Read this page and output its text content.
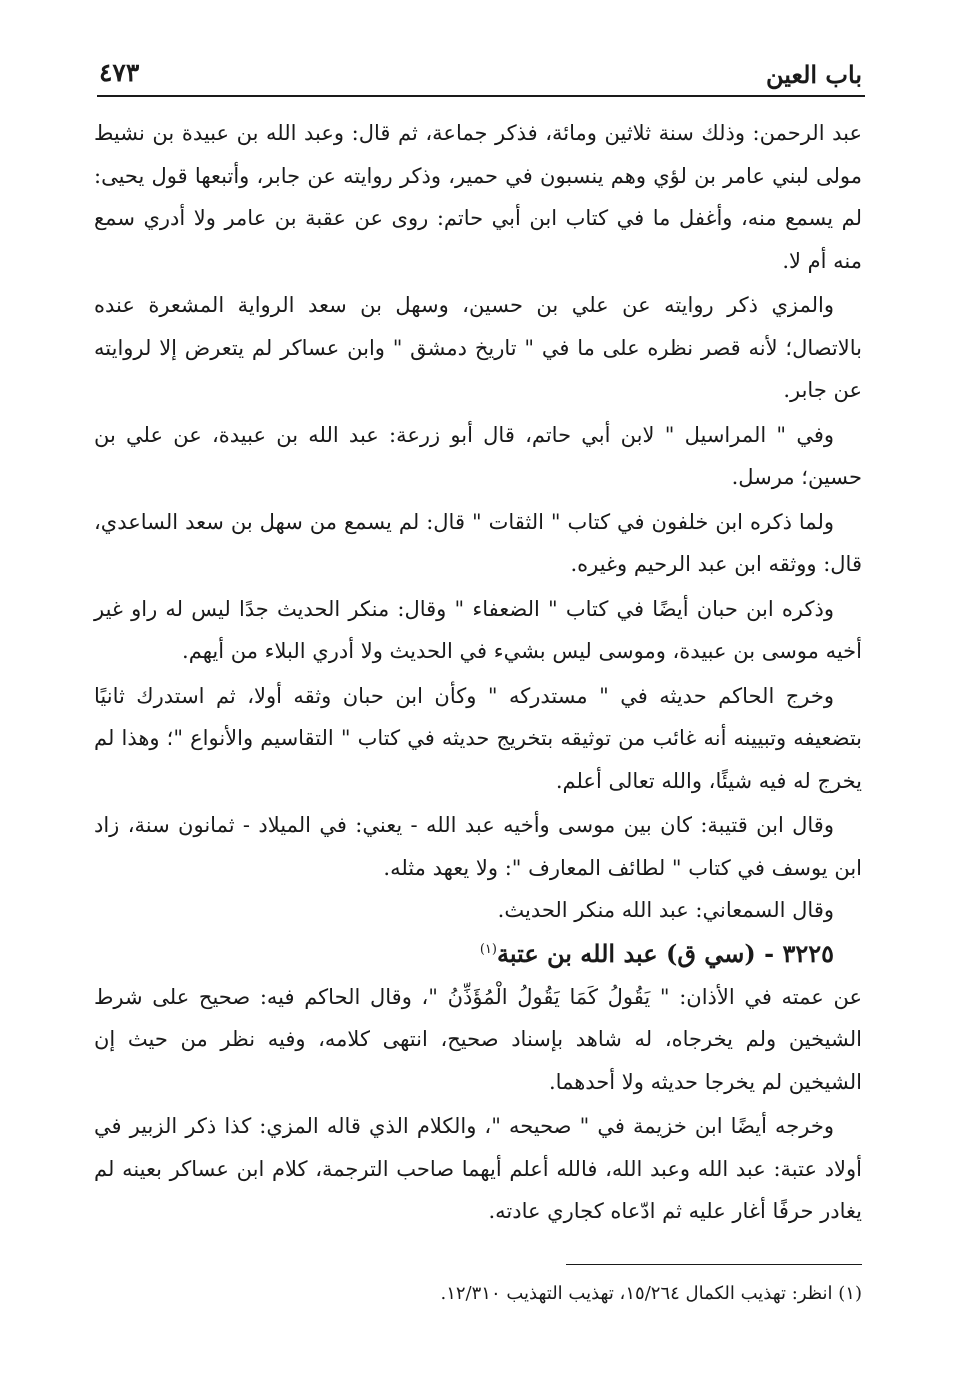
باب العين
٤٧٣

عبد الرحمن: وذلك سنة ثلاثين ومائة، فذكر جماعة، ثم قال: وعبد الله بن عبيدة بن نشيط مولى لبني عامر بن لؤي وهم ينسبون في حمير، وذكر روايته عن جابر، وأتبعها قول يحيى: لم يسمع منه، وأغفل ما في كتاب ابن أبي حاتم: روى عن عقبة بن عامر ولا أدري سمع منه أم لا.

والمزي ذكر روايته عن علي بن حسين، وسهل بن سعد الرواية المشعرة عنده بالاتصال؛ لأنه قصر نظره على ما في " تاريخ دمشق " وابن عساكر لم يتعرض إلا لروايته عن جابر.

وفي " المراسيل " لابن أبي حاتم، قال أبو زرعة: عبد الله بن عبيدة، عن علي بن حسين؛ مرسل.

ولما ذكره ابن خلفون في كتاب " الثقات " قال: لم يسمع من سهل بن سعد الساعدي، قال: ووثقه ابن عبد الرحيم وغيره.

وذكره ابن حبان أيضًا في كتاب " الضعفاء " وقال: منكر الحديث جدًا ليس له راو غير أخيه موسى بن عبيدة، وموسى ليس بشيء في الحديث ولا أدري البلاء من أيهم.

وخرج الحاكم حديثه في " مستدركه " وكأن ابن حبان وثقه أولا، ثم استدرك ثانيًا بتضعيفه وتبيينه أنه غائب من توثيقه بتخريج حديثه في كتاب " التقاسيم والأنواع "؛ وهذا لم يخرج له فيه شيئًا، والله تعالى أعلم.

وقال ابن قتيبة: كان بين موسى وأخيه عبد الله - يعني: في الميلاد - ثمانون سنة، زاد ابن يوسف في كتاب " لطائف المعارف ": ولا يعهد مثله.

وقال السمعاني: عبد الله منكر الحديث.

٣٢٢٥ - (سي ق) عبد الله بن عتبة$^{(١)}$

عن عمته في الأذان: " يَقُولُ كَمَا يَقُولُ الْمُؤَذِّنُ "، وقال الحاكم فيه: صحيح على شرط الشيخين ولم يخرجاه، له شاهد بإسناد صحيح، انتهى كلامه، وفيه نظر من حيث إن الشيخين لم يخرجا حديثه ولا أحدهما.

وخرجه أيضًا ابن خزيمة في " صحيحه "، والكلام الذي قاله المزي: كذا ذكر الزبير في أولاد عتبة: عبد الله وعبد الله، فالله أعلم أيهما صاحب الترجمة، كلام ابن عساكر بعينه لم يغادر حرفًا أغار عليه ثم ادّعاه كجاري عادته.

(١) انظر: تهذيب الكمال ١٥/٢٦٤، تهذيب التهذيب ١٢/٣١٠.
